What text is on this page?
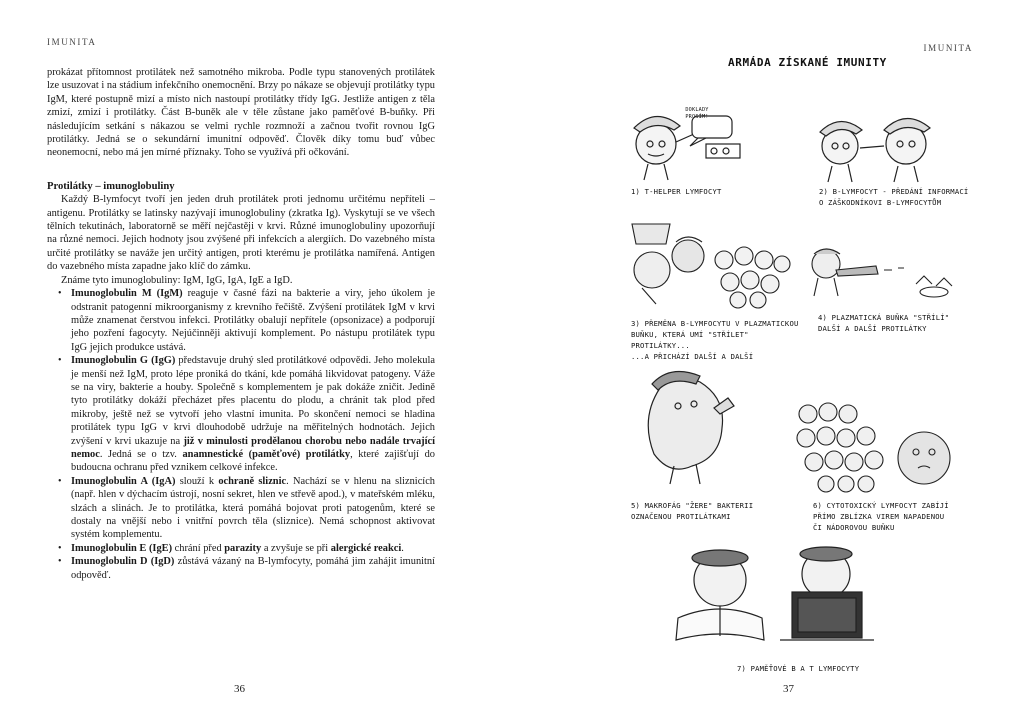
IMUNITA

prokázat přítomnost protilátek než samotného mikroba. Podle typu stanovených protilátek lze usuzovat i na stádium infekčního onemocnění. Brzy po nákaze se objevují protilátky typu IgM, které postupně mizí a místo nich nastoupí protilátky třídy IgG. Jestliže antigen z těla zmizí, zmizí i protilátky. Část B-buněk ale v těle zůstane jako paměťové B-buňky. Při následujícím setkání s nákazou se velmi rychle rozmnoží a začnou tvořit rovnou IgG protilátky. Jedná se o sekundární imunitní odpověď. Člověk díky tomu buď vůbec neonemocní, nebo má jen mírné příznaky. Toho se využívá při očkování.

Protilátky – imunoglobuliny

Každý B-lymfocyt tvoří jen jeden druh protilátek proti jednomu určitému nepříteli – antigenu. Protilátky se latinsky nazývají imunoglobuliny (zkratka Ig). Vyskytují se ve všech tělních tekutinách, laboratorně se měří nejčastěji v krvi. Různé imunoglobuliny upozorňují na různé nemoci. Jejich hodnoty jsou zvýšené při infekcích a alergiích. Do vazebného místa určité protilátky se naváže jen určitý antigen, proti kterému je protilátka namířená. Antigen do vazebného místa zapadne jako klíč do zámku.

Známe tyto imunoglobuliny: IgM, IgG, IgA, IgE a IgD.

• Imunoglobulin M (IgM) reaguje v časné fázi na bakterie a viry, jeho úkolem je odstranit patogenní mikroorganismy z krevního řečiště. Zvýšení protilátek IgM v krvi může znamenat čerstvou infekci. Protilátky obalují nepřítele (opsonizace) a podporují jeho pozření fagocyty. Nejúčinněji aktivují komplement. Po nástupu protilátek typu IgG jejich produkce ustává.
• Imunoglobulin G (IgG) představuje druhý sled protilátkové odpovědi. Jeho molekula je menší než IgM, proto lépe proniká do tkání, kde pomáhá likvidovat patogeny. Váže se na viry, bakterie a houby. Společně s komplementem je pak dokáže zničit. Jedině tyto protilátky dokáží přecházet přes placentu do plodu, a chránit tak plod před mikroby, ještě než se vytvoří jeho vlastní imunita. Po skončení nemoci se hladina protilátek typu IgG v krvi dlouhodobě udržuje na měřitelných hodnotách. Jejich zvýšení v krvi ukazuje na již v minulosti prodělanou chorobu nebo nadále trvající nemoc. Jedná se o tzv. anamnestické (paměťové) protilátky, které zajišťují do budoucna ochranu před vznikem celkové infekce.
• Imunoglobulin A (IgA) slouží k ochraně sliznic. Nachází se v hlenu na sliznicích (např. hlen v dýchacím ústrojí, nosní sekret, hlen ve střevě apod.), v mateřském mléku, slzách a slinách. Je to protilátka, která pomáhá bojovat proti patogenům, které se dostaly na vnější nebo i vnitřní povrch těla (sliznice). Nemá schopnost aktivovat systém komplementu.
• Imunoglobulin E (IgE) chrání před parazity a zvyšuje se při alergické reakci.
• Imunoglobulin D (IgD) zůstává vázaný na B-lymfocyty, pomáhá jim zahájit imunitní odpověď.
36
IMUNITA
37
ARMÁDA ZÍSKANÉ IMUNITY
DOKLADY PROSÍM!
1) T-HELPER LYMFOCYT	2) B-LYMFOCYT - PŘEDÁNÍ INFORMACÍ
O ZÁŠKODNÍKOVI B-LYMFOCYTŮM
3) PŘEMĚNA B-LYMFOCYTU V PLAZMATICKOU
BUŇKU, KTERÁ UMÍ "STŘÍLET" PROTILÁTKY...
...A PŘICHÁZÍ DALŠÍ A DALŠÍ
4) PLAZMATICKÁ BUŇKA "STŘÍLÍ"
DALŠÍ A DALŠÍ PROTILÁTKY
5) MAKROFÁG "ŽERE" BAKTERII
OZNAČENOU PROTILÁTKAMI
6) CYTOTOXICKÝ LYMFOCYT ZABÍJÍ
PŘÍMO ZBLÍZKA VIREM NAPADENOU
ČI NÁDOROVOU BUŇKU
7) PAMĚŤOVÉ B A T LYMFOCYTY
